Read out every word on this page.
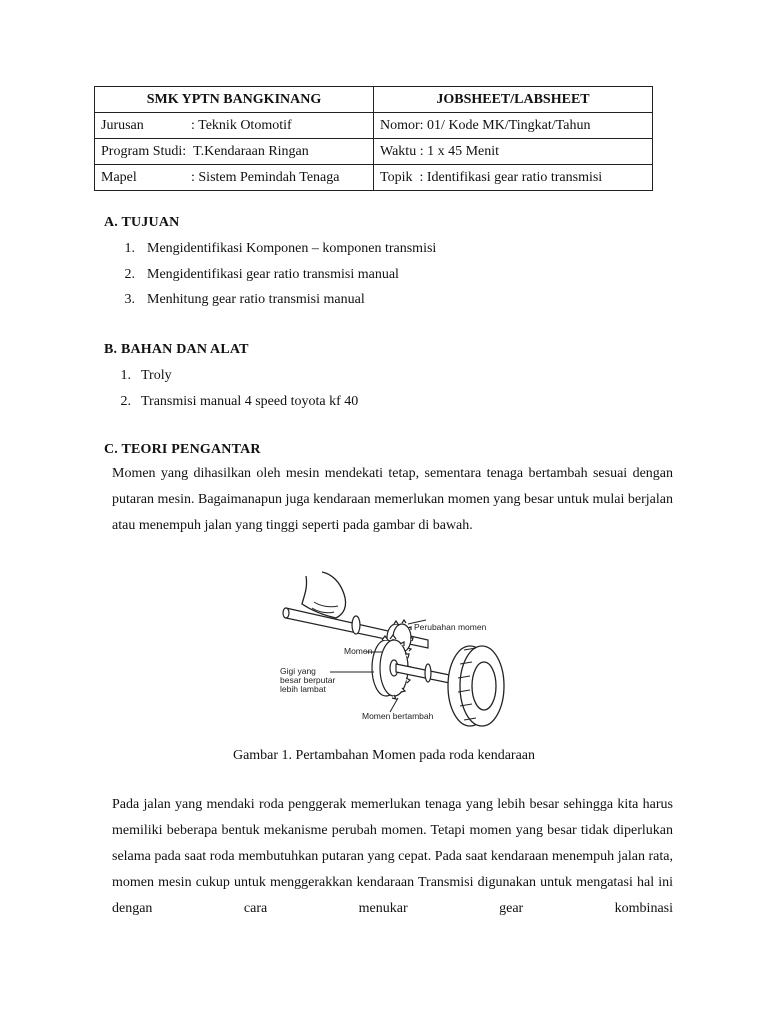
SMK YPTN BANGKINANG	JOBSHEET/LABSHEET
Jurusan : Teknik Otomotif	Nomor: 01/ Kode MK/Tingkat/Tahun
Program Studi: T.Kendaraan Ringan	Waktu : 1 x 45 Menit
Mapel : Sistem Pemindah Tenaga	Topik  : Identifikasi gear ratio transmisi
A. TUJUAN
1. Mengidentifikasi Komponen – komponen transmisi
2. Mengidentifikasi gear ratio transmisi manual
3. Menhitung gear ratio transmisi manual
B. BAHAN DAN ALAT
1. Troly
2. Transmisi manual 4 speed toyota kf 40
C. TEORI PENGANTAR
Momen yang dihasilkan oleh mesin mendekati tetap, sementara tenaga bertambah sesuai dengan putaran mesin. Bagaimanapun juga kendaraan memerlukan momen yang besar untuk mulai berjalan atau menempuh jalan yang tinggi seperti pada gambar di bawah.
Perubahan momen
Momen
Gigi yang
besar berputar
lebih lambat
Momen bertambah
Gambar 1. Pertambahan Momen pada roda kendaraan
Pada jalan yang mendaki roda penggerak memerlukan tenaga yang lebih besar sehingga kita harus memiliki beberapa bentuk mekanisme perubah momen. Tetapi momen yang besar tidak diperlukan selama pada saat roda membutuhkan putaran yang cepat. Pada saat kendaraan menempuh jalan rata, momen mesin cukup untuk menggerakkan kendaraan Transmisi digunakan untuk mengatasi hal ini dengan cara menukar gear kombinasi
